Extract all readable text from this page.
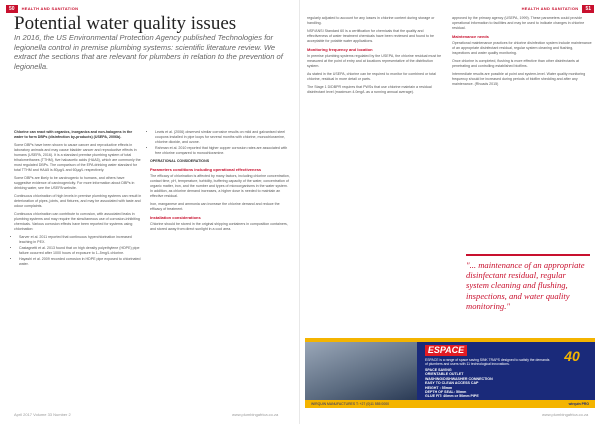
50	HEALTH AND SANITATION
Potential water quality issues
In 2016, the US Environmental Protection Agency published Technologies for legionella control in premise plumbing systems: scientific literature review. We extract the sections that are relevant for plumbers in relation to the prevention of legionella.

Chlorine can react with organics, inorganics and non-halogens in the water to form DBPs (disinfection by-products) (USEPA, 2006b).

Some DBPs have been shown to cause cancer and reproductive effects in laboratory animals and may cause bladder cancer and reproductive effects in humans (USEPA, 2016). It is a standard premise plumbing system of total trihalomethanes (TTHM), five haloacetic acids (HAA5), which are commonly the most regulated DBPs. The comparison of the EPA drinking water standard for total TTHM and HAA5 is 80µg/L and 60µg/L respectively.

Some DBPs are likely to be carcinogenic to humans, and others have suggestive evidence of carcinogenicity. For more information about DBPs in drinking water, see the USEPA website.

Continuous chlorination of high levels in premise plumbing systems can result in deterioration of pipes, joints, and fixtures, and may be associated with taste and odour complaints.

Continuous chlorination can contribute to corrosion, with associated leaks in plumbing systems and may require the simultaneous use of corrosion-inhibiting chemicals. Various corrosion effects have been reported for systems using chlorination:

• Sarver et al. 2011 reported that continuous hyperchlorination increased leaching in PEX.
• Castagnetti et al. 2013 found that on high density polyethylene (HDPE) pipe failure occurred after 1000 hours of exposure to 1–5mg/L chlorine.
• Hayashi et al. 2009 recorded corrosion in HDPE pipe exposed to chlorinated water.
• Lewis et al. (2006) observed similar corrosive results on mild and galvanised steel coupons installed in pipe loops for several months with chlorine, monochloramine, chlorine dioxide, and ozone.
• Rahman et al. 2010 reported that higher copper corrosion rates are associated with free chlorine compared to monochloramine.

OPERATIONAL CONSIDERATIONS

Parameters conditions including operational effectiveness

The efficacy of chlorination is affected by many factors, including chlorine concentration, contact time, pH, temperature, turbidity, buffering capacity of the water, concentration of organic matter, iron, and the number and types of microorganisms in the water system. In addition, as chlorine demand increases, a higher dose is needed to maintain an effective residual.

Iron, manganese and ammonia can increase the chlorine demand and reduce the efficacy of treatment.

Installation considerations

Chlorine should be stored in the original shipping containers in composition containers, and stored away from direct sunlight in a cool area.

April 2017 Volume 33 Number 2	www.plumbingafrica.co.za
HEALTH AND SANITATION	51

regularly adjusted to account for any losses in chlorine content during storage or handling.

NSF/ANSI Standard 60 is a certification for chemicals that the quality and effectiveness of water treatment chemicals have been reviewed and found to be acceptable for potable water applications.

Monitoring frequency and location

In premise plumbing systems regulated by the USEPA, the chlorine residual must be measured at the point of entry and at locations representative of the distribution system.

As stated in the USEPA, chlorine can be required to monitor for combined or total chlorine, residual in more detail or parts.

The Stage 1 D/DBPR requires that PWSs that use chlorine maintain a residual disinfectant level (maximum 4.0mg/L as a running annual average).

approved by the primary agency (USEPA, 1999). These parameters could provide operational information to facilities and may be used to indicate changes in chlorine residual.

Maintenance needs

Operational maintenance practices for chlorine disinfection system include maintenance of an appropriate disinfectant residual, regular system cleaning and flushing, inspections and water quality monitoring.

Once chlorine is completed, flushing is more effective than other disinfectants at penetrating and controlling established biofilms.

Intermediate results are possible at point and system-level. Water quality monitoring frequency should be increased during periods of biofilm shedding and after any maintenance. (Rhoads 2015)

"... maintenance of an appropriate disinfectant residual, regular system cleaning and flushing, inspections, and water quality monitoring."
ESPACE	40
ESPACE is a range of space saving SINK TRAPS designed to satisfy the demands of plumbers and users with 11 technological innovations.
SPACE SAVING
ORIENTABLE OUTLET
WASHING/DISHWASHER CONNECTION
EASY TO CLEAN ACCESS CAP
HEIGHT : 55mm
DEPTH OF SEAL: 50mm
GLUE FIT: 40mm or 50mm PIPE
WIRQUIN MANUFACTURES T: +27 (0)11 555 0000	wirquin PRO
www.plumbingafrica.co.za
